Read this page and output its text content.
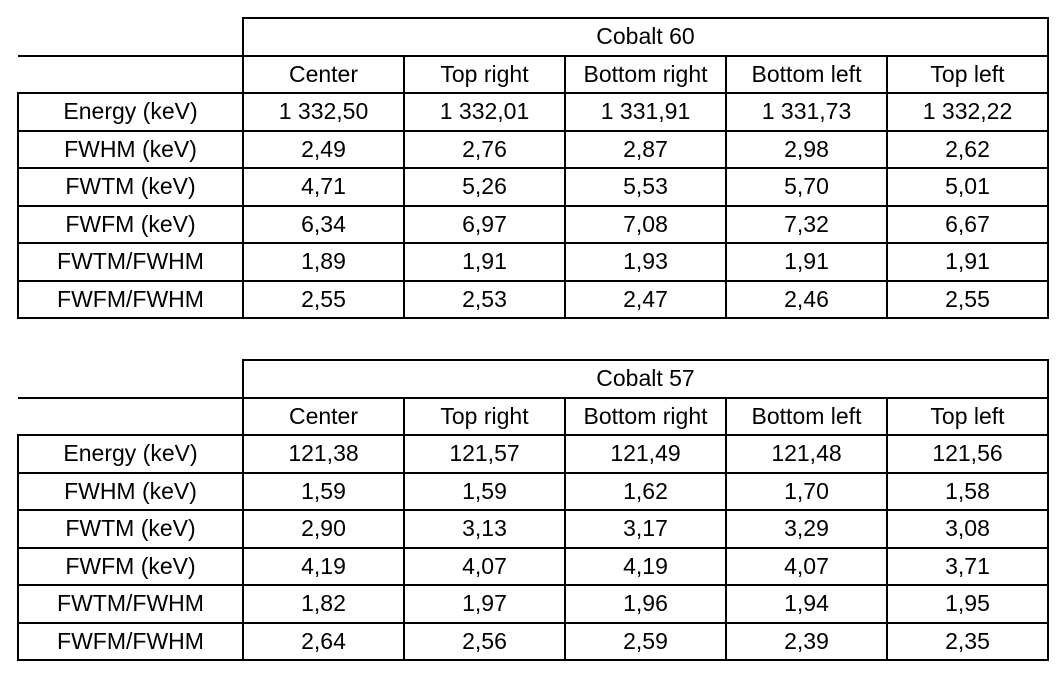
	Cobalt 60				
	Center	Top right	Bottom right	Bottom left	Top left
Energy (keV)	1 332,50	1 332,01	1 331,91	1 331,73	1 332,22
FWHM (keV)	2,49	2,76	2,87	2,98	2,62
FWTM (keV)	4,71	5,26	5,53	5,70	5,01
FWFM (keV)	6,34	6,97	7,08	7,32	6,67
FWTM/FWHM	1,89	1,91	1,93	1,91	1,91
FWFM/FWHM	2,55	2,53	2,47	2,46	2,55
	Cobalt 57				
	Center	Top right	Bottom right	Bottom left	Top left
Energy (keV)	121,38	121,57	121,49	121,48	121,56
FWHM (keV)	1,59	1,59	1,62	1,70	1,58
FWTM (keV)	2,90	3,13	3,17	3,29	3,08
FWFM (keV)	4,19	4,07	4,19	4,07	3,71
FWTM/FWHM	1,82	1,97	1,96	1,94	1,95
FWFM/FWHM	2,64	2,56	2,59	2,39	2,35
